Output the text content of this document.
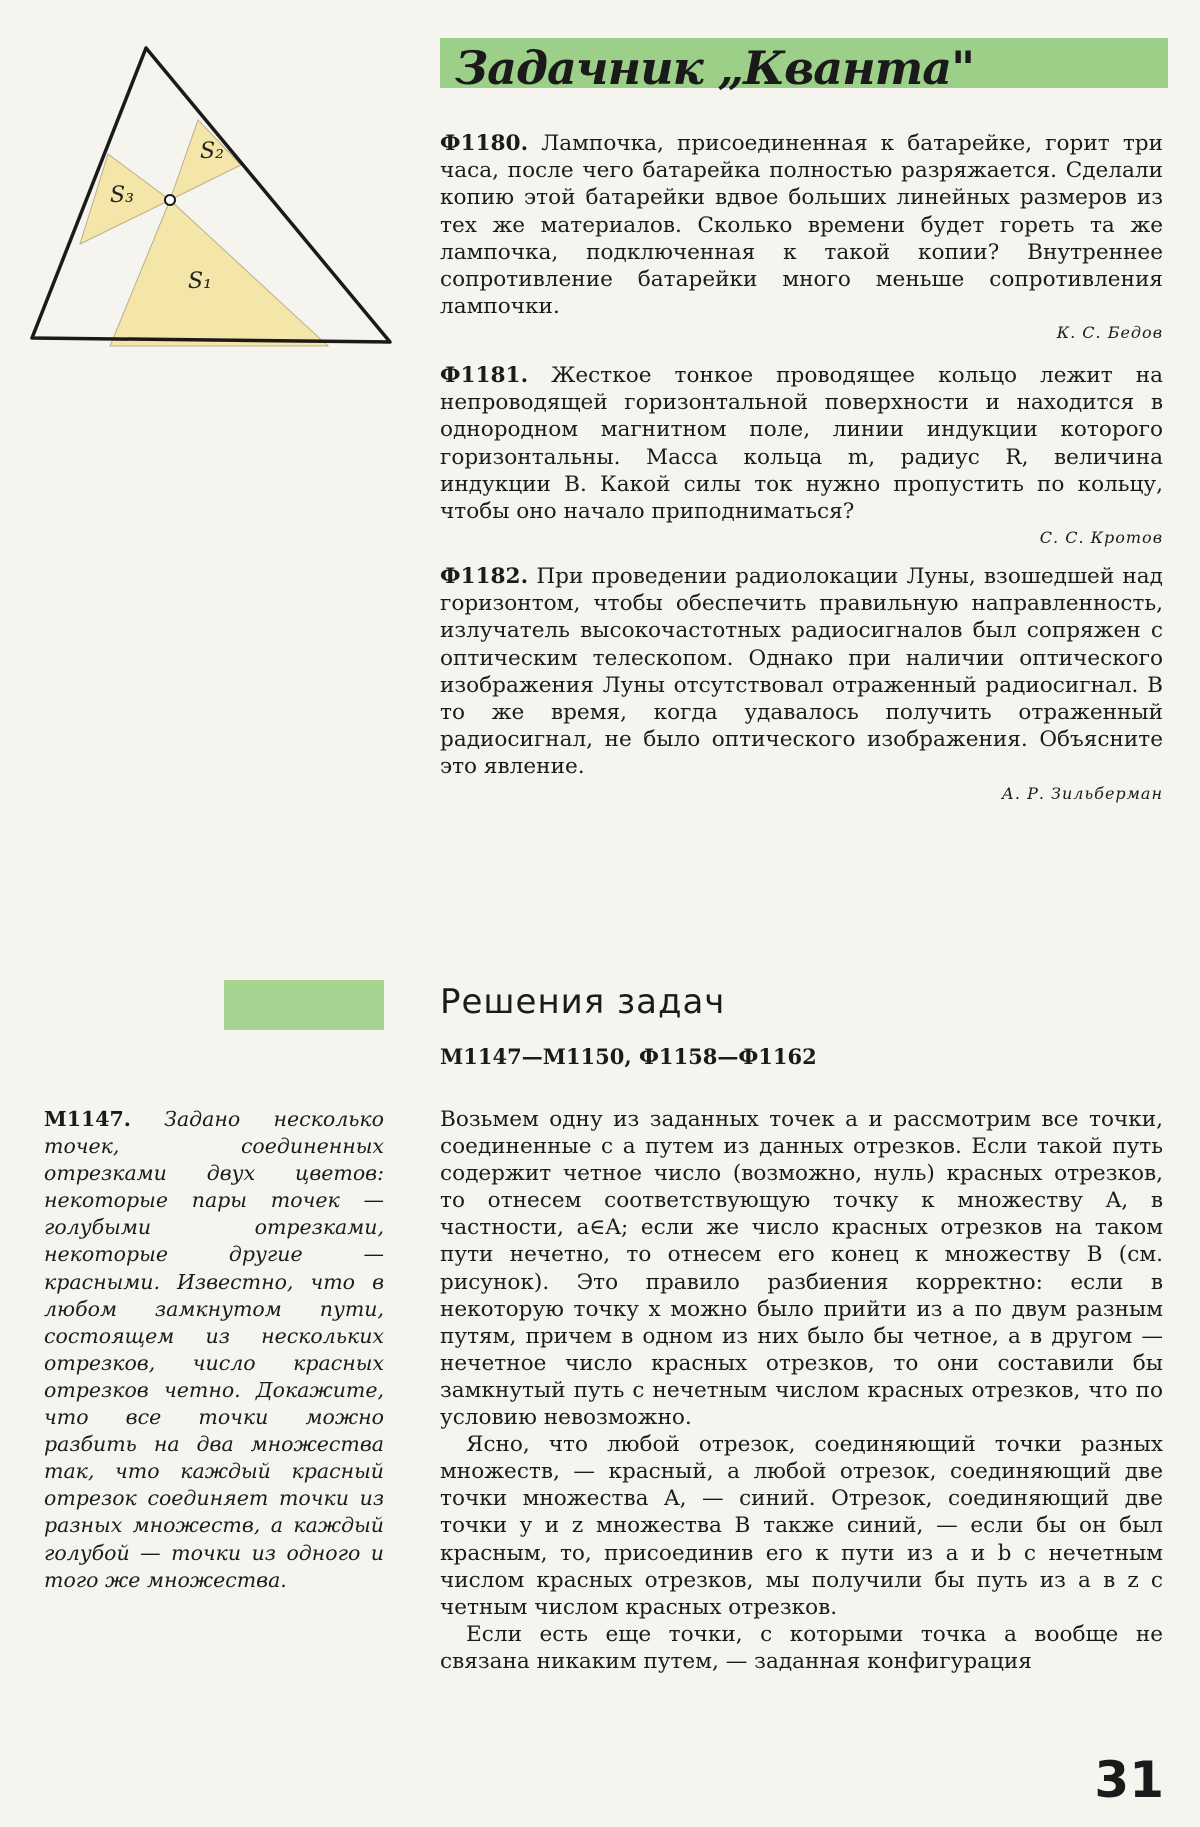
Задачник „Кванта"
S₂
S₃
S₁
Ф1180. Лампочка, присоединенная к батарейке, горит три часа, после чего батарейка полностью разряжается. Сделали копию этой батарейки вдвое больших линейных размеров из тех же материалов. Сколько времени будет гореть та же лампочка, подключенная к такой копии? Внутреннее сопротивление батарейки много меньше сопротивления лампочки.
К. С. Бедов
Ф1181. Жесткое тонкое проводящее кольцо лежит на непроводящей горизонтальной поверхности и находится в однородном магнитном поле, линии индукции которого горизонтальны. Масса кольца m, радиус R, величина индукции B. Какой силы ток нужно пропустить по кольцу, чтобы оно начало приподниматься?
С. С. Кротов
Ф1182. При проведении радиолокации Луны, взошедшей над горизонтом, чтобы обеспечить правильную направленность, излучатель высокочастотных радиосигналов был сопряжен с оптическим телескопом. Однако при наличии оптического изображения Луны отсутствовал отраженный радиосигнал. В то же время, когда удавалось получить отраженный радиосигнал, не было оптического изображения. Объясните это явление.
А. Р. Зильберман
Решения задач
М1147—М1150, Ф1158—Ф1162
М1147. Задано несколько точек, соединенных отрезками двух цветов: некоторые пары точек — голубыми отрезками, некоторые другие — красными. Известно, что в любом замкнутом пути, состоящем из нескольких отрезков, число красных отрезков четно. Докажите, что все точки можно разбить на два множества так, что каждый красный отрезок соединяет точки из разных множеств, а каждый голубой — точки из одного и того же множества.

Возьмем одну из заданных точек a и рассмотрим все точки, соединенные с a путем из данных отрезков. Если такой путь содержит четное число (возможно, нуль) красных отрезков, то отнесем соответствующую точку к множеству A, в частности, a∈A; если же число красных отрезков на таком пути нечетно, то отнесем его конец к множеству B (см. рисунок). Это правило разбиения корректно: если в некоторую точку x можно было прийти из a по двум разным путям, причем в одном из них было бы четное, а в другом — нечетное число красных отрезков, то они составили бы замкнутый путь с нечетным числом красных отрезков, что по условию невозможно.

Ясно, что любой отрезок, соединяющий точки разных множеств, — красный, а любой отрезок, соединяющий две точки множества A, — синий. Отрезок, соединяющий две точки y и z множества B также синий, — если бы он был красным, то, присоединив его к пути из a и b с нечетным числом красных отрезков, мы получили бы путь из a в z с четным числом красных отрезков.

Если есть еще точки, с которыми точка a вообще не связана никаким путем, — заданная конфигурация

31
